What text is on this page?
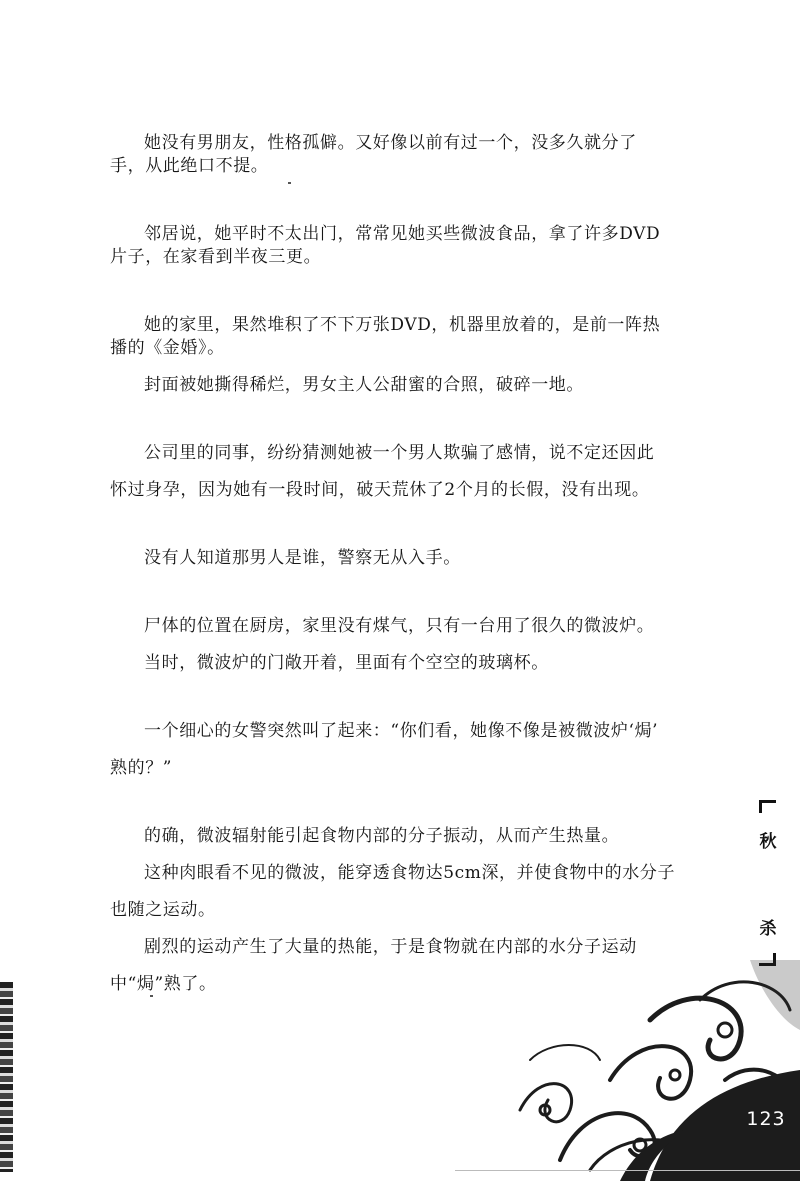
她没有男朋友，性格孤僻。又好像以前有过一个，没多久就分了
手，从此绝口不提。
邻居说，她平时不太出门，常常见她买些微波食品，拿了许多DVD
片子，在家看到半夜三更。
她的家里，果然堆积了不下万张DVD，机器里放着的，是前一阵热
播的《金婚》。
封面被她撕得稀烂，男女主人公甜蜜的合照，破碎一地。
公司里的同事，纷纷猜测她被一个男人欺骗了感情，说不定还因此
怀过身孕，因为她有一段时间，破天荒休了2个月的长假，没有出现。
没有人知道那男人是谁，警察无从入手。
尸体的位置在厨房，家里没有煤气，只有一台用了很久的微波炉。
当时，微波炉的门敞开着，里面有个空空的玻璃杯。
一个细心的女警突然叫了起来：“你们看，她像不像是被微波炉‘焗’
熟的？”
的确，微波辐射能引起食物内部的分子振动，从而产生热量。
这种肉眼看不见的微波，能穿透食物达5cm深，并使食物中的水分子
也随之运动。
剧烈的运动产生了大量的热能，于是食物就在内部的水分子运动
中“焗”熟了。
秋
杀
123
